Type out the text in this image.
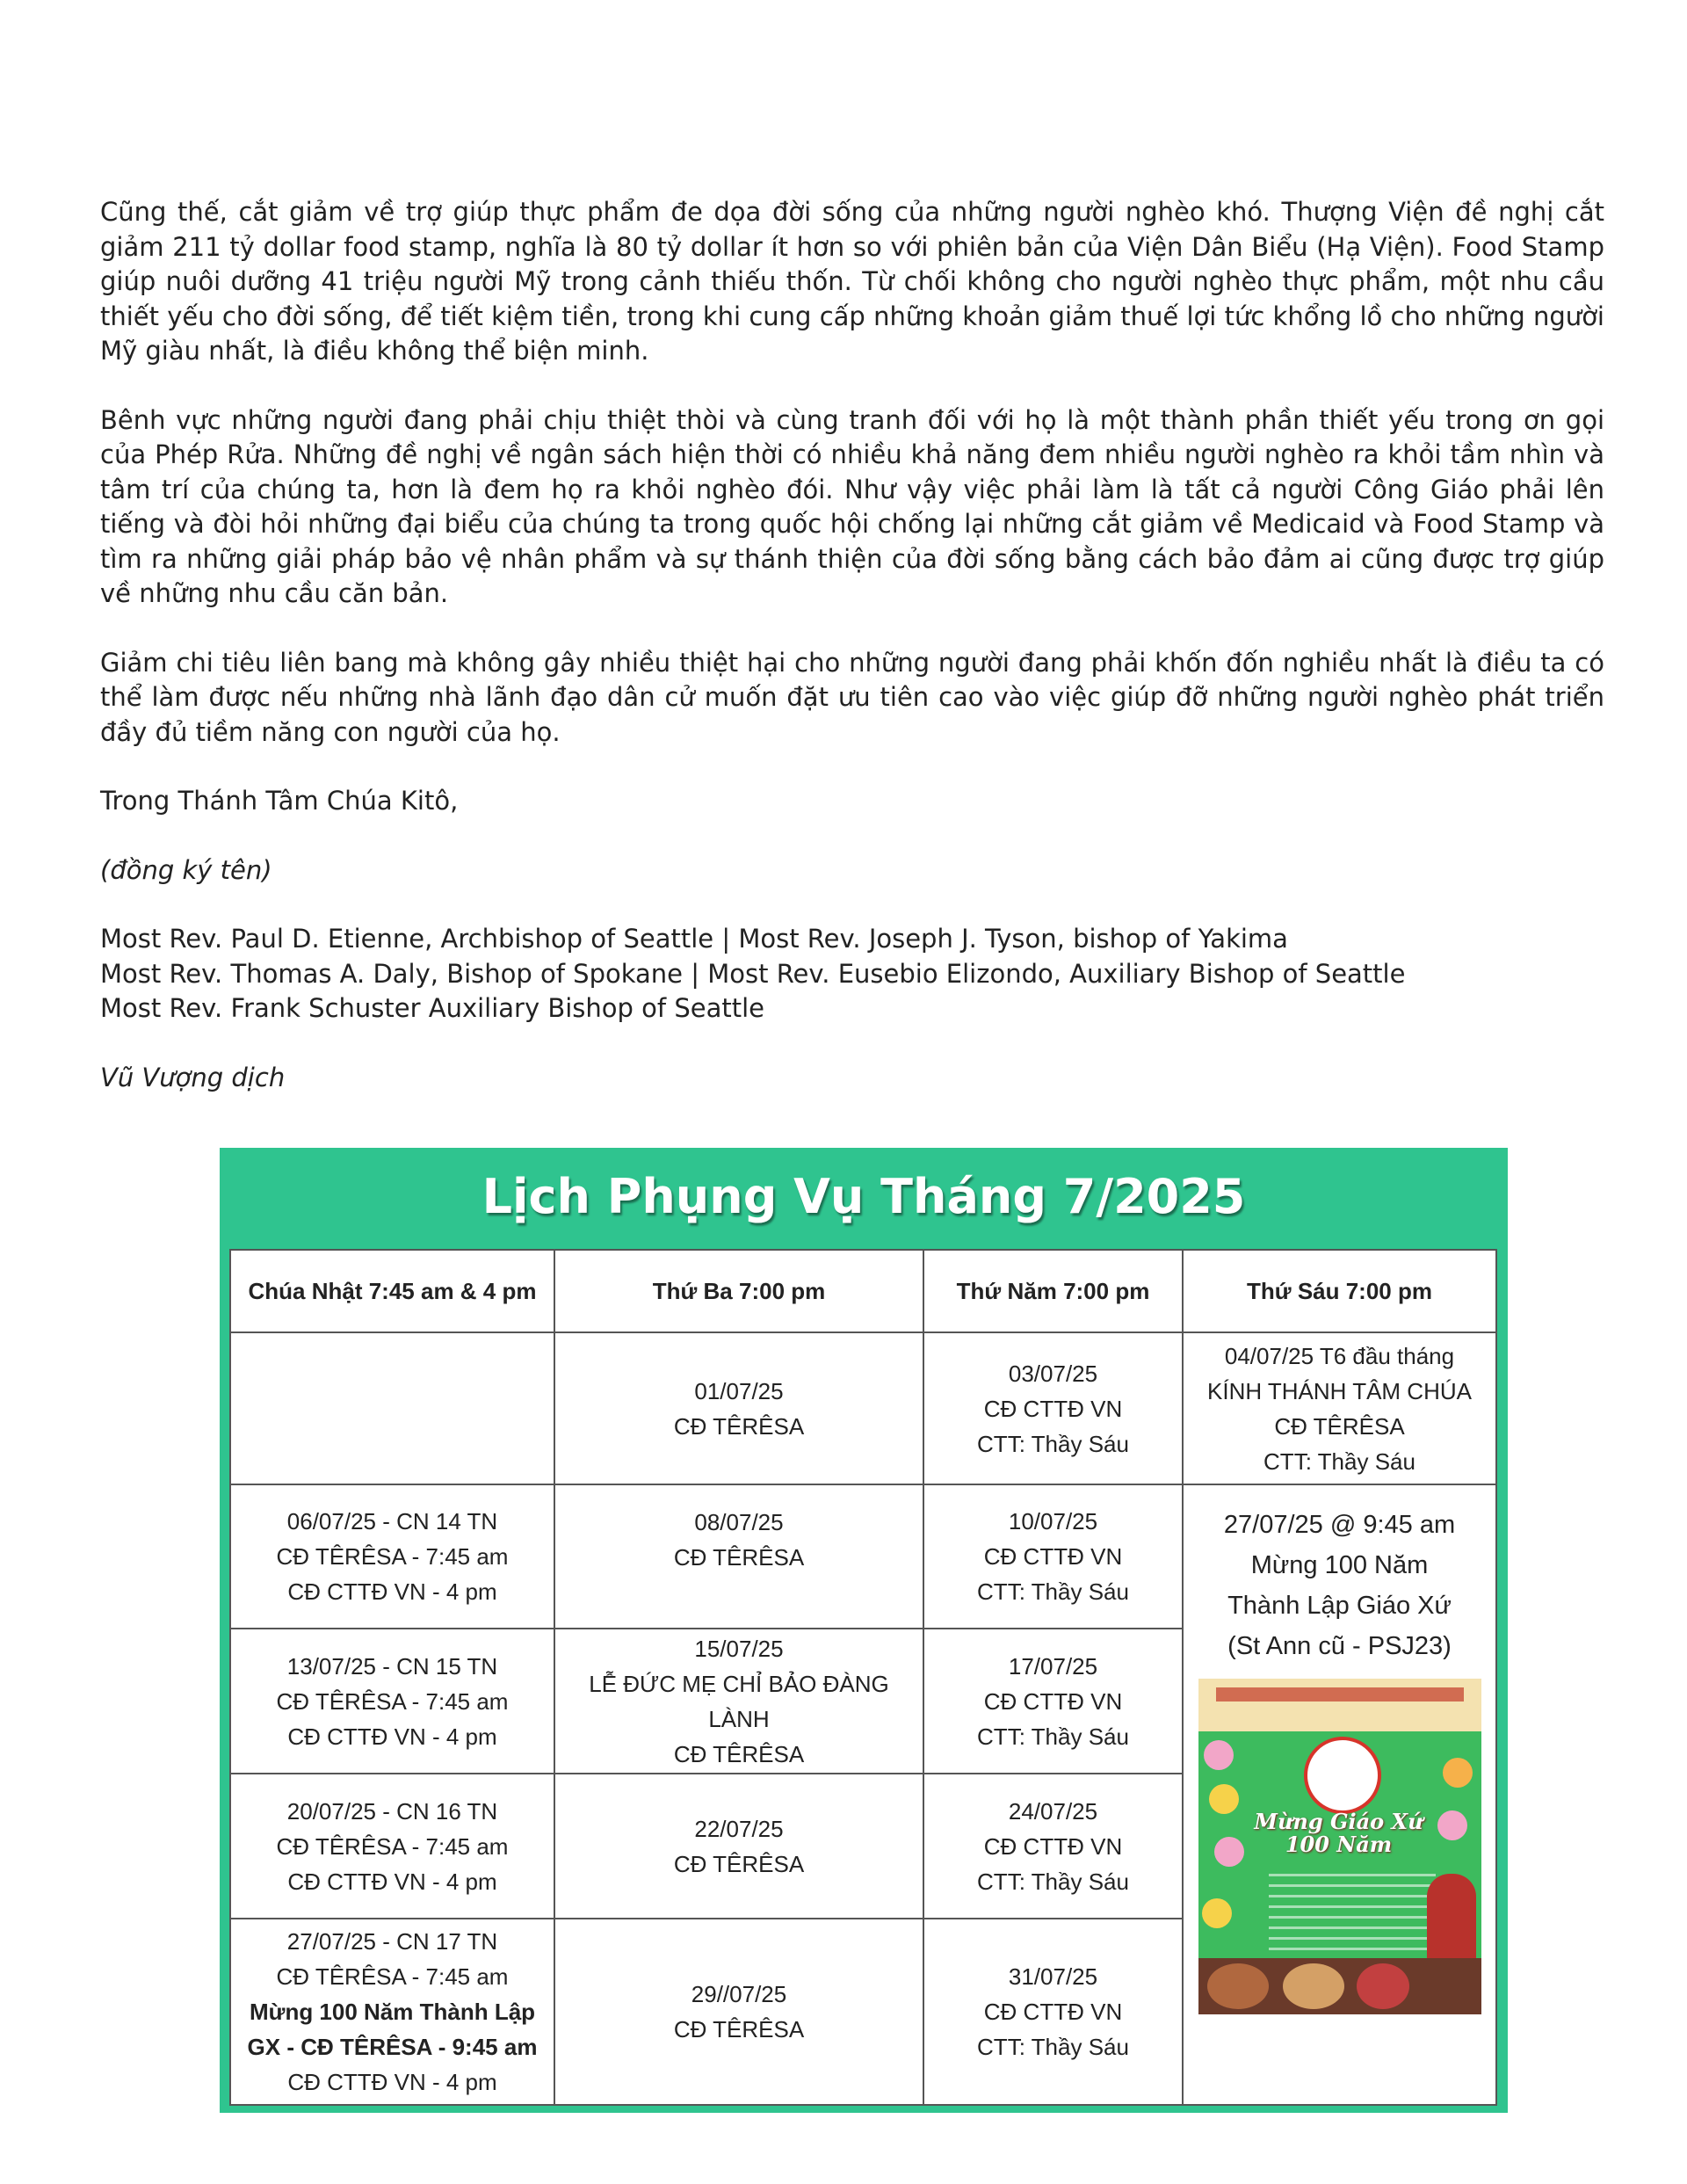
Cũng thế, cắt giảm về trợ giúp thực phẩm đe dọa đời sống của những người nghèo khó. Thượng Viện đề nghị cắt giảm 211 tỷ dollar food stamp, nghĩa là 80 tỷ dollar ít hơn so với phiên bản của Viện Dân Biểu (Hạ Viện). Food Stamp giúp nuôi dưỡng 41 triệu người Mỹ trong cảnh thiếu thốn. Từ chối không cho người nghèo thực phẩm, một nhu cầu thiết yếu cho đời sống, để tiết kiệm tiền, trong khi cung cấp những khoản giảm thuế lợi tức khổng lồ cho những người Mỹ giàu nhất, là điều không thể biện minh.

Bênh vực những người đang phải chịu thiệt thòi và cùng tranh đối với họ là một thành phần thiết yếu trong ơn gọi của Phép Rửa. Những đề nghị về ngân sách hiện thời có nhiều khả năng đem nhiều người nghèo ra khỏi tầm nhìn và tâm trí của chúng ta, hơn là đem họ ra khỏi nghèo đói. Như vậy việc phải làm là tất cả người Công Giáo phải lên tiếng và đòi hỏi những đại biểu của chúng ta trong quốc hội chống lại những cắt giảm về Medicaid và Food Stamp và tìm ra những giải pháp bảo vệ nhân phẩm và sự thánh thiện của đời sống bằng cách bảo đảm ai cũng được trợ giúp về những nhu cầu căn bản.

Giảm chi tiêu liên bang mà không gây nhiều thiệt hại cho những người đang phải khốn đốn nghiều nhất là điều ta có thể làm được nếu những nhà lãnh đạo dân cử muốn đặt ưu tiên cao vào việc giúp đỡ những người nghèo phát triển đầy đủ tiềm năng con người của họ.

Trong Thánh Tâm Chúa Kitô,

(đồng ký tên)

Most Rev. Paul D. Etienne, Archbishop of Seattle | Most Rev. Joseph J. Tyson, bishop of Yakima

Most Rev. Thomas A. Daly, Bishop of Spokane | Most Rev. Eusebio Elizondo, Auxiliary Bishop of Seattle

Most Rev. Frank Schuster Auxiliary Bishop of Seattle

Vũ Vượng dịch

Lịch Phụng Vụ Tháng 7/2025
Chúa Nhật 7:45 am & 4 pm	Thứ Ba 7:00 pm	Thứ Năm 7:00 pm	Thứ Sáu 7:00 pm

	01/07/25
CĐ TÊRÊSA	03/07/25
CĐ CTTĐ VN
CTT: Thầy Sáu	04/07/25 T6 đầu tháng
KÍNH THÁNH TÂM CHÚA
CĐ TÊRÊSA
CTT: Thầy Sáu

06/07/25 - CN 14 TN
CĐ TÊRÊSA - 7:45 am
CĐ CTTĐ VN - 4 pm	08/07/25
CĐ TÊRÊSA	10/07/25
CĐ CTTĐ VN
CTT: Thầy Sáu	27/07/25 @ 9:45 am
Mừng 100 Năm
Thành Lập Giáo Xứ
(St Ann cũ - PSJ23)
Mừng Giáo Xứ 100 Năm

13/07/25 - CN 15 TN
CĐ TÊRÊSA - 7:45 am
CĐ CTTĐ VN - 4 pm	15/07/25
LỄ ĐỨC MẸ CHỈ BẢO ĐÀNG LÀNH
CĐ TÊRÊSA	17/07/25
CĐ CTTĐ VN
CTT: Thầy Sáu	

20/07/25 - CN 16 TN
CĐ TÊRÊSA - 7:45 am
CĐ CTTĐ VN - 4 pm	22/07/25
CĐ TÊRÊSA	24/07/25
CĐ CTTĐ VN
CTT: Thầy Sáu	

27/07/25 - CN 17 TN
CĐ TÊRÊSA - 7:45 am
Mừng 100 Năm Thành Lập
GX - CĐ TÊRÊSA - 9:45 am
CĐ CTTĐ VN - 4 pm	29//07/25
CĐ TÊRÊSA	31/07/25
CĐ CTTĐ VN
CTT: Thầy Sáu	
